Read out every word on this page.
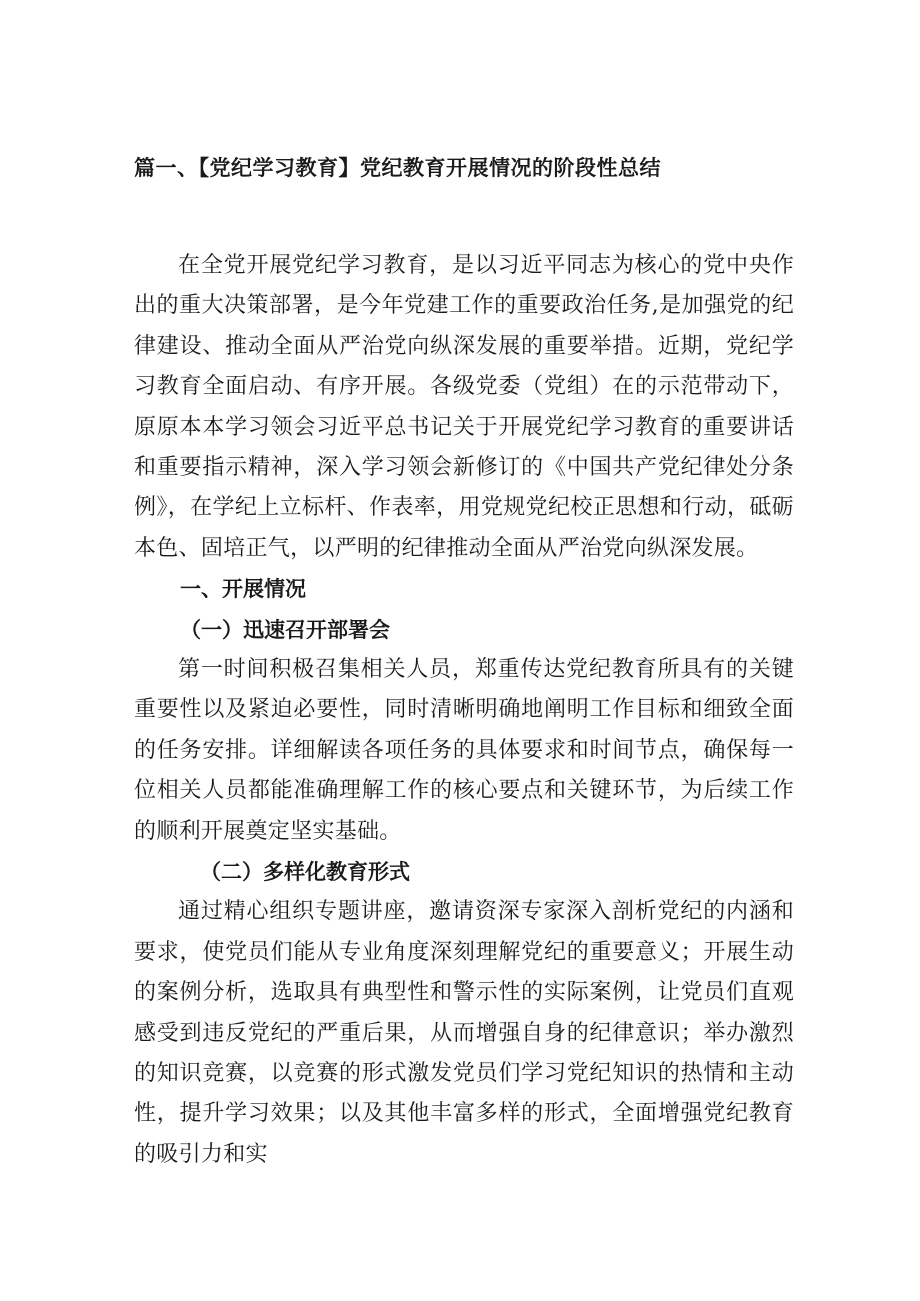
篇一、【党纪学习教育】党纪教育开展情况的阶段性总结

在全党开展党纪学习教育，是以习近平同志为核心的党中央作出的重大决策部署，是今年党建工作的重要政治任务,是加强党的纪律建设、推动全面从严治党向纵深发展的重要举措。近期，党纪学习教育全面启动、有序开展。各级党委（党组）在的示范带动下，原原本本学习领会习近平总书记关于开展党纪学习教育的重要讲话和重要指示精神，深入学习领会新修订的《中国共产党纪律处分条例》，在学纪上立标杆、作表率，用党规党纪校正思想和行动，砥砺本色、固培正气，以严明的纪律推动全面从严治党向纵深发展。

一、开展情况
（一）迅速召开部署会

第一时间积极召集相关人员，郑重传达党纪教育所具有的关键重要性以及紧迫必要性，同时清晰明确地阐明工作目标和细致全面的任务安排。详细解读各项任务的具体要求和时间节点，确保每一位相关人员都能准确理解工作的核心要点和关键环节，为后续工作的顺利开展奠定坚实基础。

（二）多样化教育形式

通过精心组织专题讲座，邀请资深专家深入剖析党纪的内涵和要求，使党员们能从专业角度深刻理解党纪的重要意义；开展生动的案例分析，选取具有典型性和警示性的实际案例，让党员们直观感受到违反党纪的严重后果，从而增强自身的纪律意识；举办激烈的知识竞赛，以竞赛的形式激发党员们学习党纪知识的热情和主动性，提升学习效果；以及其他丰富多样的形式，全面增强党纪教育的吸引力和实
